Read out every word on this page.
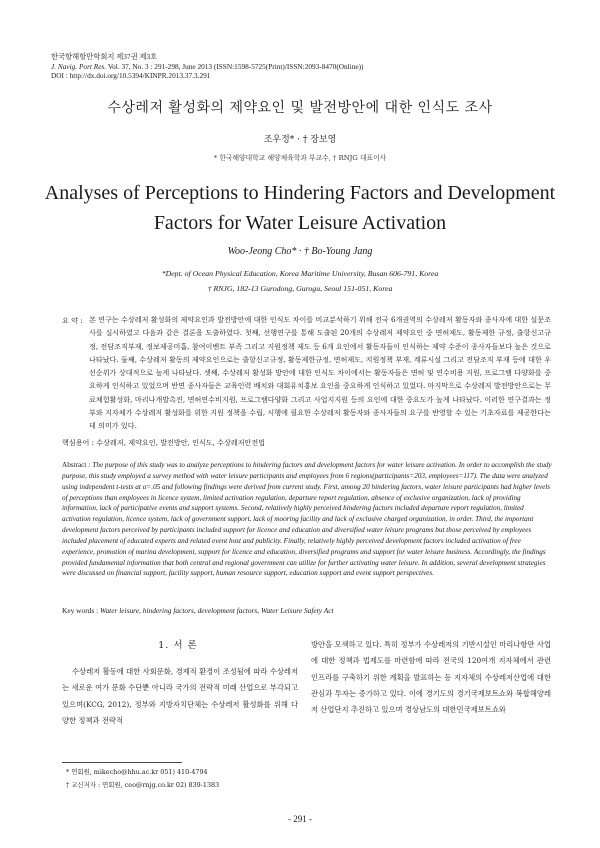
한국항해항만학회지 제37권 제3호
J. Navig. Port Res. Vol. 37, No. 3 : 291-298, June 2013 (ISSN:1598-5725(Print)/ISSN:2093-8470(Online))
DOI : http://dx.doi.org/10.5394/KINPR.2013.37.3.291
수상레저 활성화의 제약요인 및 발전방안에 대한 인식도 조사
조우정* · † 장보영
* 한국해양대학교 해양체육학과 부교수, † RNJG 대표이사
Analyses of Perceptions to Hindering Factors and Development
Factors for Water Leisure Activation
Woo-Jeong Cho* · † Bo-Young Jang
*Dept. of Ocean Physical Education, Korea Maritime University, Busan 606-791, Korea
† RNJG, 182-13 Gurodong, Gurogu, Seoul 151-051, Korea
요 약 : 본 연구는 수상레저 활성화의 제약요인과 발전방안에 대한 인식도 차이를 비교분석하기 위해 전국 6개권역의 수상레저 활동자와 종사자에 대한 설문조사를 실시하였고 다음과 같은 결론을 도출하였다. 첫째, 선행연구를 통해 도출된 20개의 수상레저 제약요인 중 면허제도, 활동제한 규정, 출항신고규정, 전담조직부재, 정보제공미흡, 참여이벤트 부족 그리고 지원정책 제도 등 6개 요인에서 활동자들이 인식하는 제약 수준이 종사자들보다 높은 것으로 나타났다. 둘째, 수상레저 활동의 제약요인으로는 출항신고규정, 활동제한규정, 면허제도, 지원정책 부재, 계류시설 그리고 전담조직 부재 등에 대한 우선순위가 상대적으로 높게 나타났다. 셋째, 수상레저 활성화 방안에 대한 인식도 차이에서는 활동자들은 면허 및 연수비용 지원, 프로그램 다양화를 중요하게 인식하고 있었으며 반면 종사자들은 교육인력 배치와 대회유치홍보 요인을 중요하게 인식하고 있었다. 마지막으로 수상레저 발전방안으로는 무료체험활성화, 마리나개발촉진, 면허연수비지원, 프로그램다양화 그리고 사업지지원 등의 요인에 대한 중요도가 높게 나타났다. 이러한 연구결과는 정부와 지자체가 수상레저 활성화를 위한 지원 정책을 수립, 시행에 필요한 수상레저 활동자와 종사자들의 요구를 반영할 수 있는 기초자료를 제공한다는데 의미가 있다.
핵심용어 : 수상레저, 제약요인, 발전방안, 인식도, 수상레저안전법
Abstract : The purpose of this study was to analyze perceptions to hindering factors and development factors for water leisure activation. In order to accomplish the study purpose, this study employed a survey method with water leisure participants and employees from 6 regions(participants=203, employees=117). The data were analyzed using independent t-tests at α=.05 and following findings were derived from current study. First, among 20 hindering factors, water leisure participants had higher levels of perceptions than employees in licence system, limited activation regulation, departure report regulation, absence of exclusive organization, lack of providing information, lack of participative events and support systems. Second, relatively highly perceived hindering factors included departure report regulation, limited activation regulation, licence system, lack of government support, lack of mooring facility and lack of exclusive charged organization, in order. Third, the important development factors perceived by participants included support for licence and education and diversified water leisure programs but those perceived by employees included placement of educated experts and related event host and publicity. Finally, relatively highly perceived development factors included activation of free experience, promotion of marina development, support for licence and education, diversified programs and support for water leisure business. Accordingly, the findings provided fundamental information that both central and regional government can utilize for further activating water leisure. In addition, several development strategies were discussed on financial support, facility support, human resource support, education support and event support perspectives.
Key words : Water leisure, hindering factors, development factors, Water Leisure Safety Act
1. 서 론
수상레저 활동에 대한 사회문화, 경제적 환경이 조성됨에 따라 수상레저는 새로운 여가 문화 수단뿐 아니라 국가의 전략적 미래 산업으로 부각되고 있으며(KCG, 2012), 정부와 지방자치단체는 수상레저 활성화를 위해 다양한 정책과 전략적
방안을 모색하고 있다. 특히 정부가 수상레저의 기반시설인 마리나항만 사업에 대한 정책과 법제도를 마련함에 따라 전국의 120여개 지자체에서 관련 인프라를 구축하기 위한 계획을 발표하는 등 지자체의 수상레저산업에 대한 관심과 투자는 증가하고 있다. 이에 경기도의 경기국제보트쇼와 복합해양레저 산업단지 추진하고 있으며 경상남도의 대한민국제보트쇼와
* 연회원, mikecho@hhu.ac.kr 051) 410-4794
† 교신저자 : 연회원, ceo@rnjg.co.kr 02) 839-1383
- 291 -
